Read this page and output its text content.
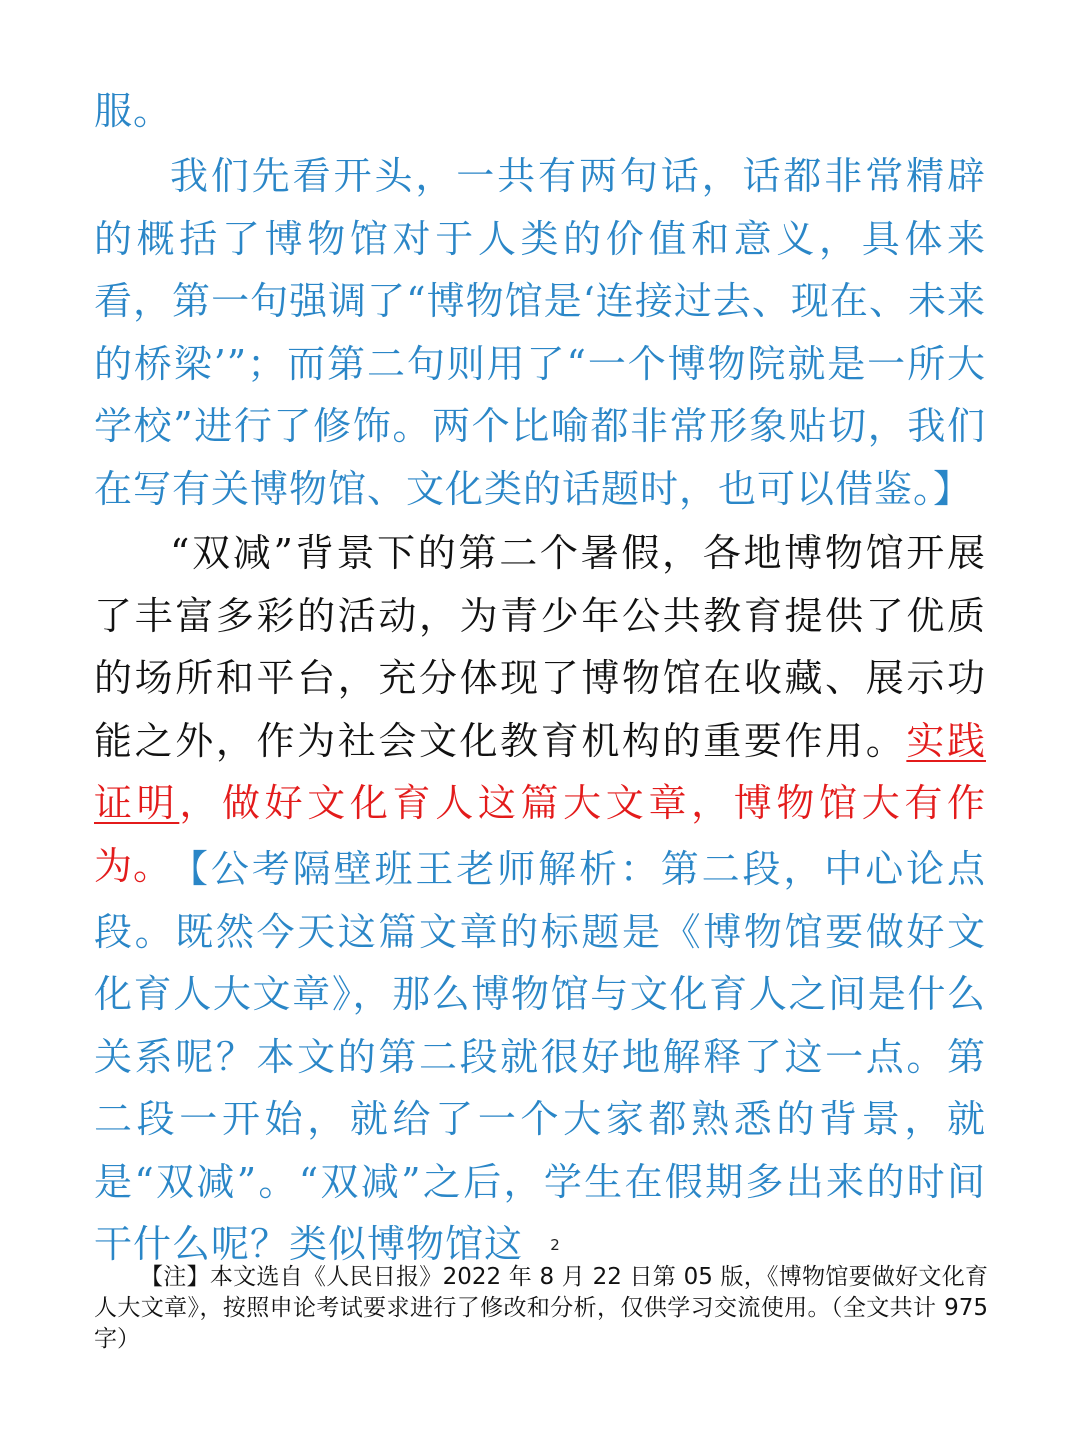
服。
我们先看开头，一共有两句话，话都非常精辟的概括了博物馆对于人类的价值和意义，具体来看，第一句强调了“博物馆是‘连接过去、现在、未来的桥梁’”；而第二句则用了“一个博物院就是一所大学校”进行了修饰。两个比喻都非常形象贴切，我们在写有关博物馆、文化类的话题时，也可以借鉴。】
“双减”背景下的第二个暑假，各地博物馆开展了丰富多彩的活动，为青少年公共教育提供了优质的场所和平台，充分体现了博物馆在收藏、展示功能之外，作为社会文化教育机构的重要作用。实践证明，做好文化育人这篇大文章，博物馆大有作为。
【公考隔壁班王老师解析：第二段，中心论点段。既然今天这篇文章的标题是《博物馆要做好文化育人大文章》，那么博物馆与文化育人之间是什么关系呢？本文的第二段就很好地解释了这一点。第二段一开始，就给了一个大家都熟悉的背景，就是“双减”。“双减”之后，学生在假期多出来的时间干什么呢？类似博物馆这	2
【注】本文选自《人民日报》2022 年 8 月 22 日第 05 版，《博物馆要做好文化育人大文章》，按照申论考试要求进行了修改和分析，仅供学习交流使用。（全文共计 975 字）
